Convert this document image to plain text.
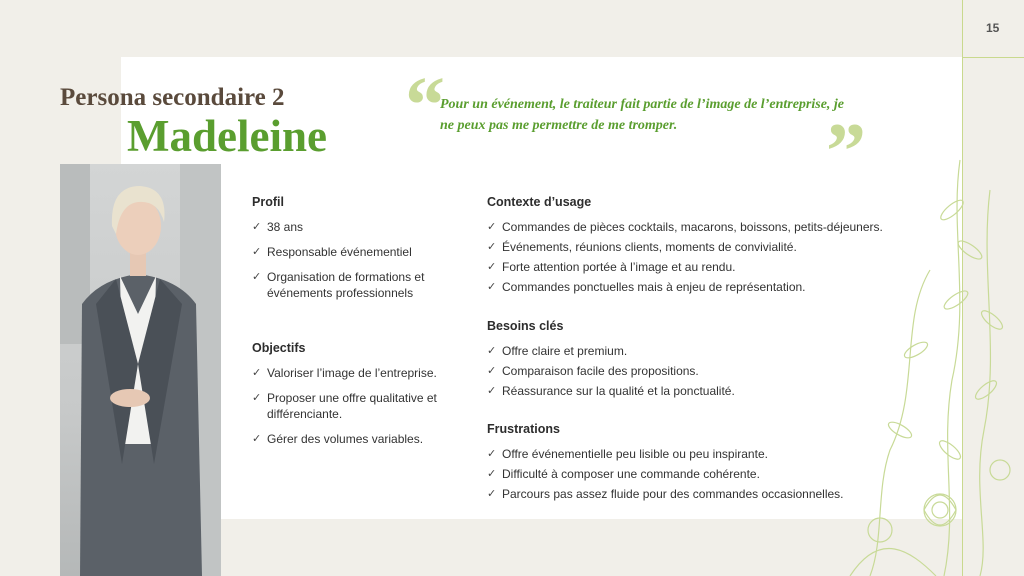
15
Persona secondaire 2
Madeleine “
”
Pour un événement, le traiteur fait partie de l’image de l’entreprise, je ne peux pas me permettre de me tromper.
Profil
✓ 38 ans
✓ Responsable événementiel
✓ Organisation de formations et événements professionnels
Objectifs
✓ Valoriser l’image de l’entreprise.
✓ Proposer une offre qualitative et différenciante.
✓ Gérer des volumes variables.
Contexte d’usage
✓ Commandes de pièces cocktails, macarons, boissons, petits-déjeuners.
✓ Événements, réunions clients, moments de convivialité.
✓ Forte attention portée à l’image et au rendu.
✓ Commandes ponctuelles mais à enjeu de représentation.
Besoins clés
✓ Offre claire et premium.
✓ Comparaison facile des propositions.
✓ Réassurance sur la qualité et la ponctualité.
Frustrations
✓ Offre événementielle peu lisible ou peu inspirante.
✓ Difficulté à composer une commande cohérente.
✓ Parcours pas assez fluide pour des commandes occasionnelles.
